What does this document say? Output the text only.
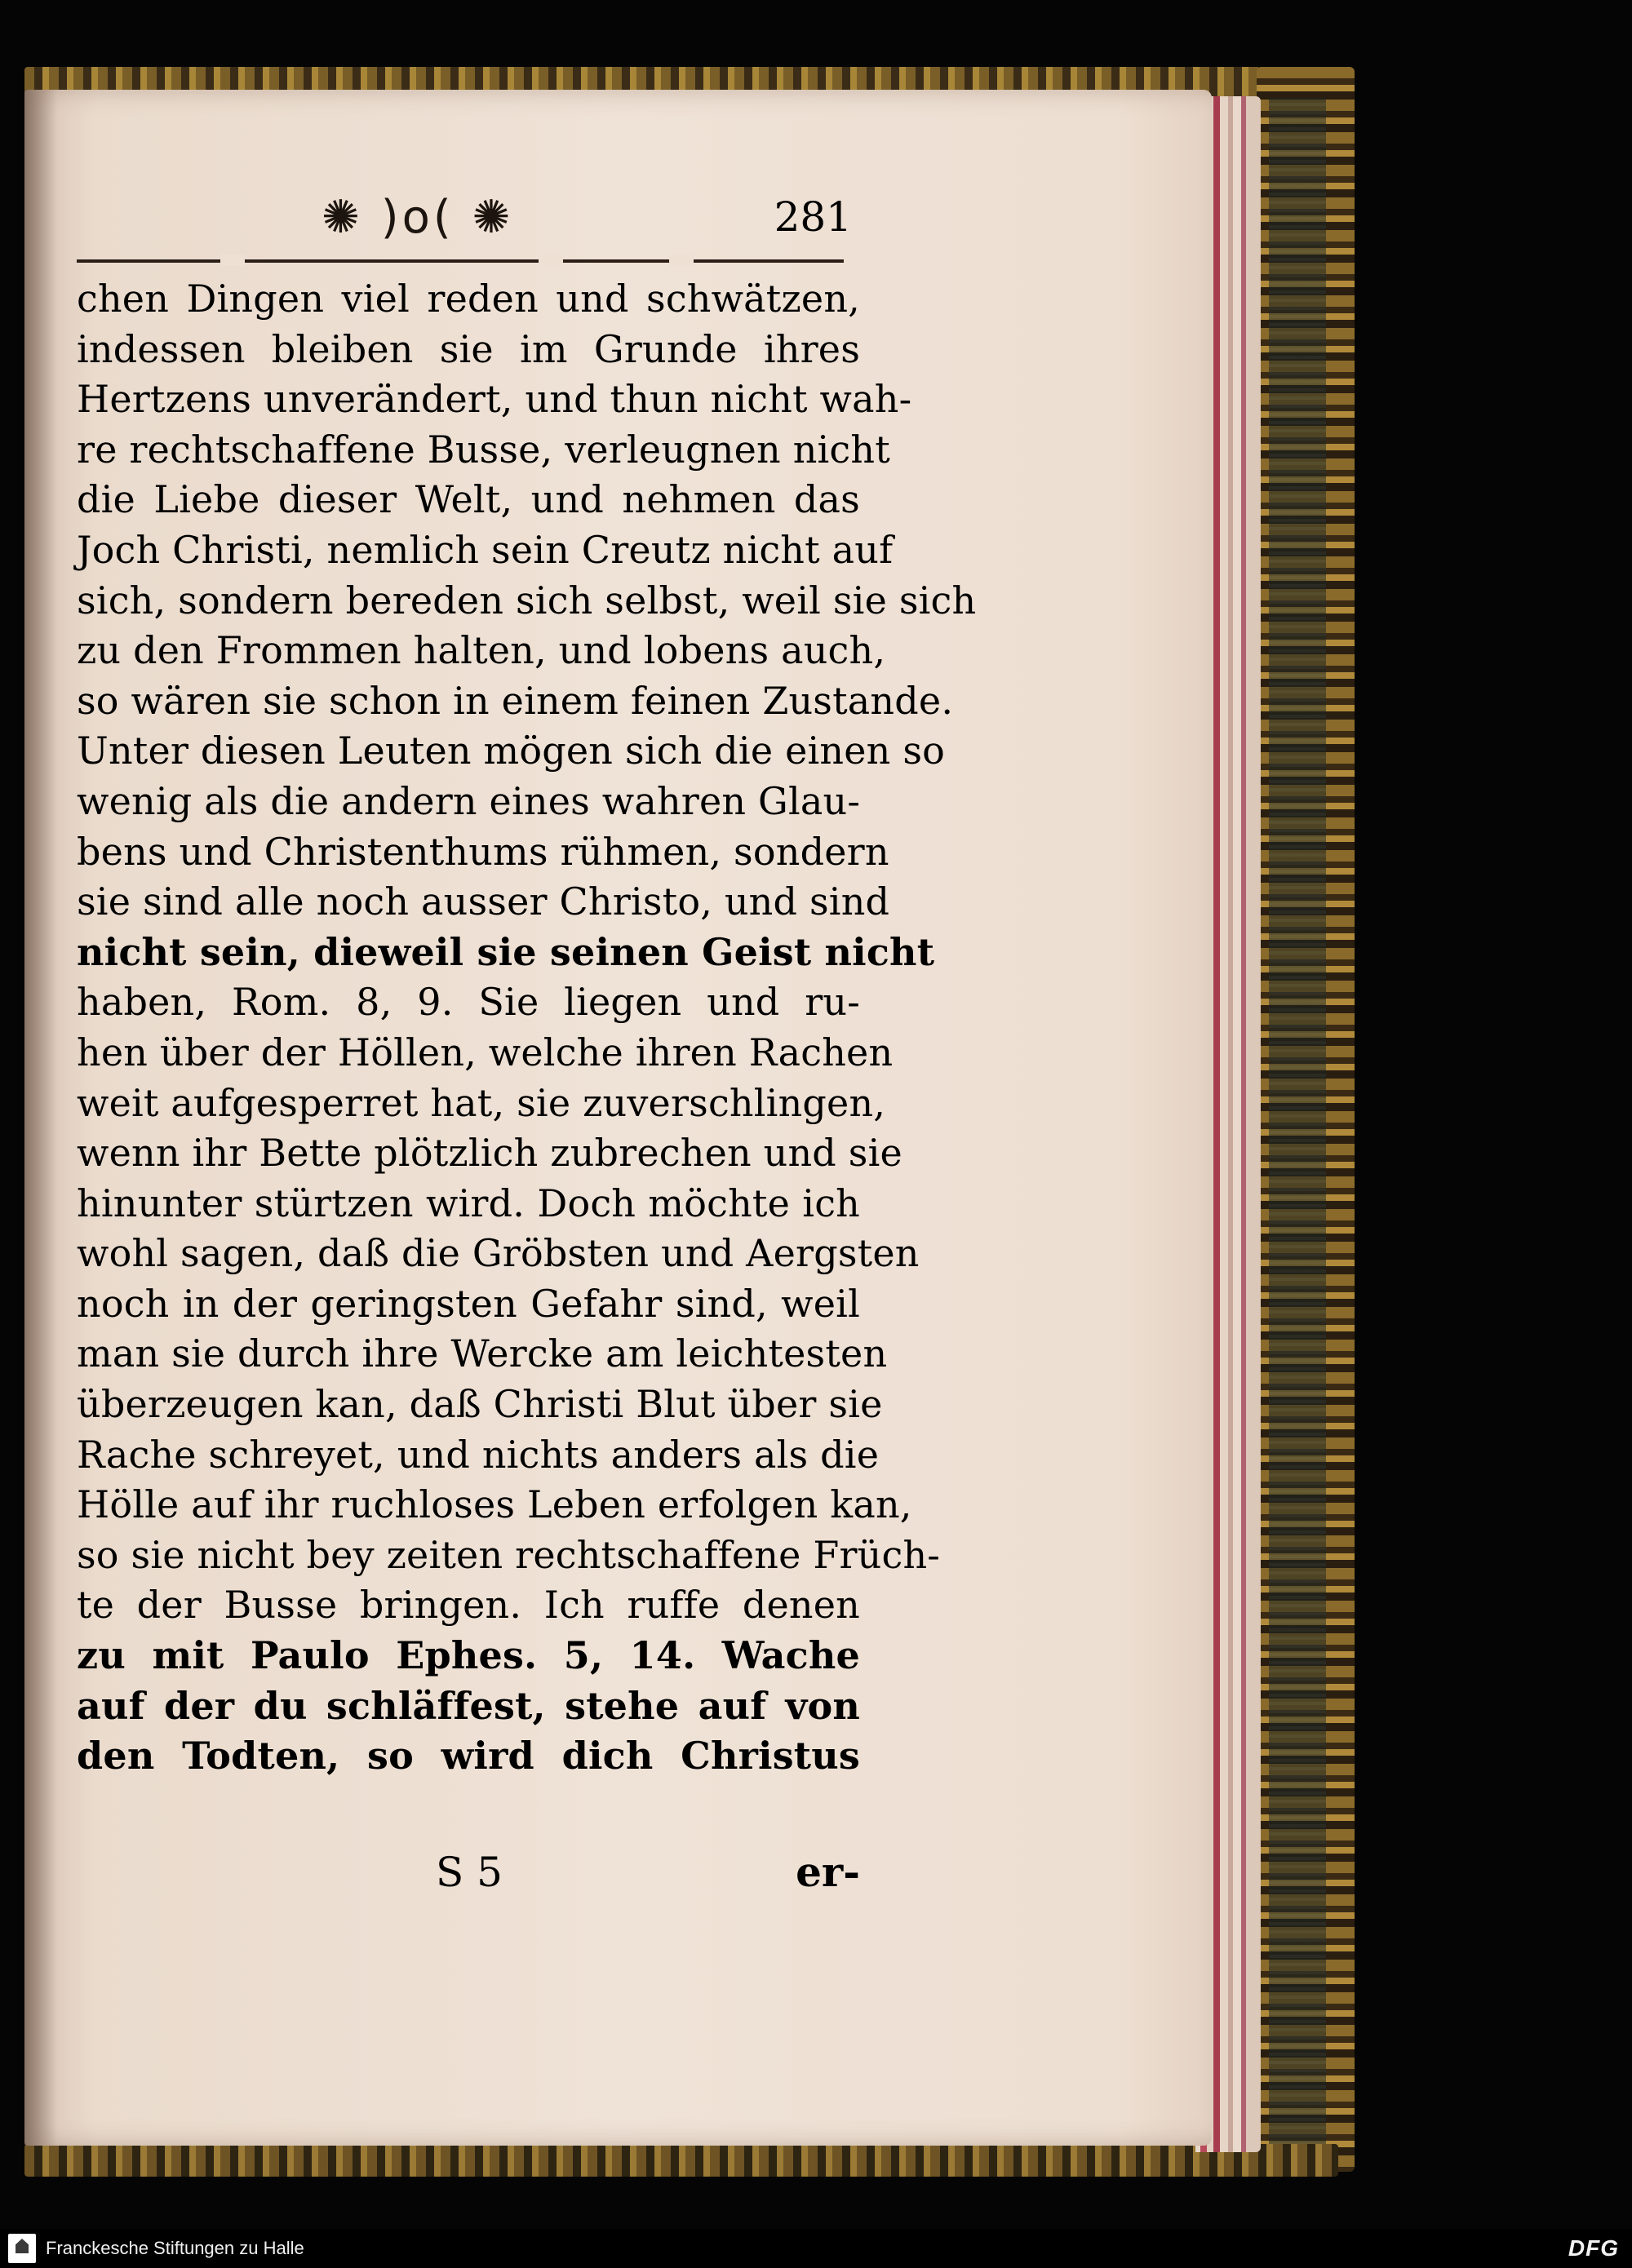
✺ )o( ✺	281
chen Dingen viel reden und schwätzen,
indessen bleiben sie im Grunde ihres
Hertzens unverändert, und thun nicht wah-
re rechtschaffene Busse, verleugnen nicht
die Liebe dieser Welt, und nehmen das
Joch Christi, nemlich sein Creutz nicht auf
sich, sondern bereden sich selbst, weil sie sich
zu den Frommen halten, und lobens auch,
so wären sie schon in einem feinen Zustande.
Unter diesen Leuten mögen sich die einen so
wenig als die andern eines wahren Glau-
bens und Christenthums rühmen, sondern
sie sind alle noch ausser Christo, und sind
nicht sein, dieweil sie seinen Geist nicht
haben, Rom. 8, 9. Sie liegen und ru-
hen über der Höllen, welche ihren Rachen
weit aufgesperret hat, sie zuverschlingen,
wenn ihr Bette plötzlich zubrechen und sie
hinunter stürtzen wird. Doch möchte ich
wohl sagen, daß die Gröbsten und Aergsten
noch in der geringsten Gefahr sind, weil
man sie durch ihre Wercke am leichtesten
überzeugen kan, daß Christi Blut über sie
Rache schreyet, und nichts anders als die
Hölle auf ihr ruchloses Leben erfolgen kan,
so sie nicht bey zeiten rechtschaffene Früch-
te der Busse bringen. Ich ruffe denen
zu mit Paulo Ephes. 5, 14. Wache
auf der du schläffest, stehe auf von
den Todten, so wird dich Christus
S 5	er-
Franckesche Stiftungen zu Halle	DFG
